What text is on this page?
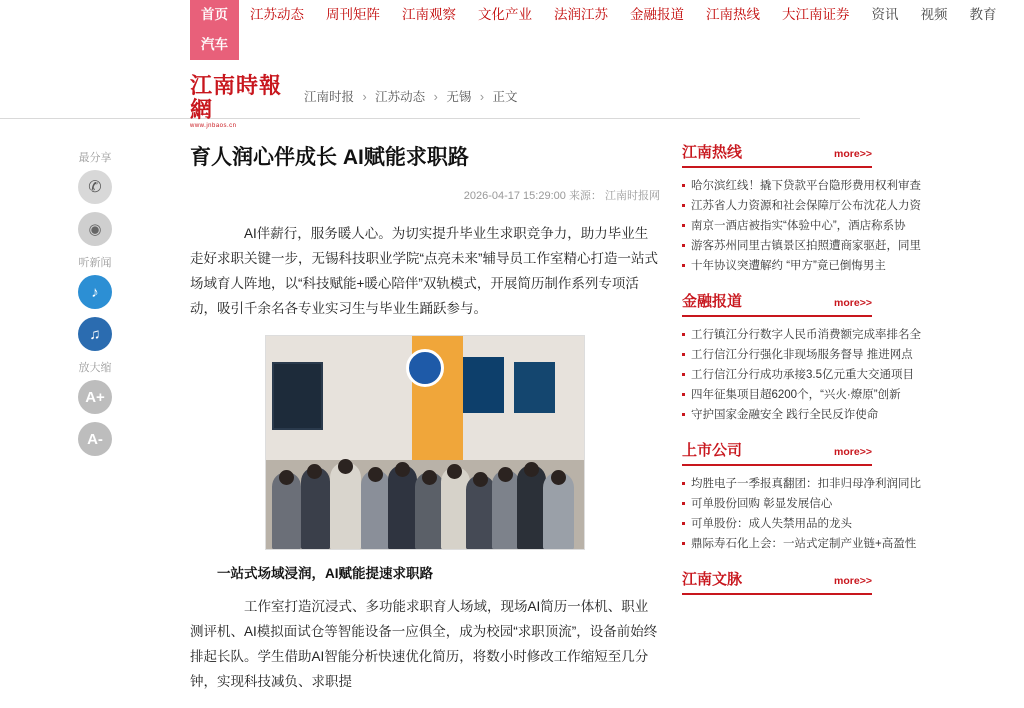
首页	江苏动态	周刊矩阵	江南观察	文化产业	法润江苏	金融报道	江南热线	大江南证券	资讯	视频	教育
汽车
江南時報網
www.jnbaos.cn
江南时报 › 江苏动态 › 无锡 › 正文
最分享
✆
◉
听新闻
♪
♫
放大缩
A+
A-
育人润心伴成长 AI赋能求职路
2026-04-17 15:29:00 来源： 江南时报网

　　AI伴薪行，服务暖人心。为切实提升毕业生求职竞争力，助力毕业生走好求职关键一步，无锡科技职业学院“点亮未来”辅导员工作室精心打造一站式场域育人阵地，以“科技赋能+暖心陪伴”双轨模式，开展简历制作系列专项活动，吸引千余名各专业实习生与毕业生踊跃参与。

一站式场域浸润，AI赋能提速求职路

　　工作室打造沉浸式、多功能求职育人场域，现场AI简历一体机、职业测评机、AI模拟面试仓等智能设备一应俱全，成为校园“求职顶流”，设备前始终排起长队。学生借助AI智能分析快速优化简历，将数小时修改工作缩短至几分钟，实现科技减负、求职提

江南热线	more>>
哈尔滨红线！撬下贷款平台隐形费用权利审查
江苏省人力资源和社会保障厅公布沈花人力资
南京一酒店被指实“体验中心”，酒店称系协
游客苏州同里古镇景区拍照遭商家驱赶，同里
十年协议突遭解约 “甲方”竟已倒悔男主
金融报道	more>>
工行镇江分行数字人民币消费额完成率排名全
工行信江分行强化非现场服务督导 推进网点
工行信江分行成功承接3.5亿元重大交通项目
四年征集项目超6200个，“兴火·燎原”创新
守护国家金融安全 践行全民反诈使命
上市公司	more>>
均胜电子一季报真翻团：扣非归母净利润同比
可单股份回购 彰显发展信心
可单股份：成人失禁用品的龙头
鼎际寿石化上会：一站式定制产业链+高盈性
江南文脉	more>>
